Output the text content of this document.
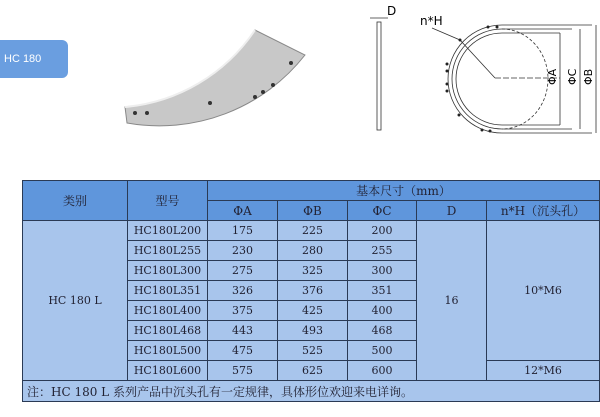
HC 180
D
n*H
ΦA ΦC ΦB
类别	型号	基本尺寸（mm）				
		ΦA	ΦB	ΦC	D	n*H（沉头孔）
HC 180 L	HC180L200	175	225	200	16	10*M6
	HC180L255	230	280	255		
	HC180L300	275	325	300		
	HC180L351	326	376	351		
	HC180L400	375	425	400		
	HC180L468	443	493	468		
	HC180L500	475	525	500		
	HC180L600	575	625	600		12*M6
注：HC 180 L 系列产品中沉头孔有一定规律，具体形位欢迎来电详询。						
